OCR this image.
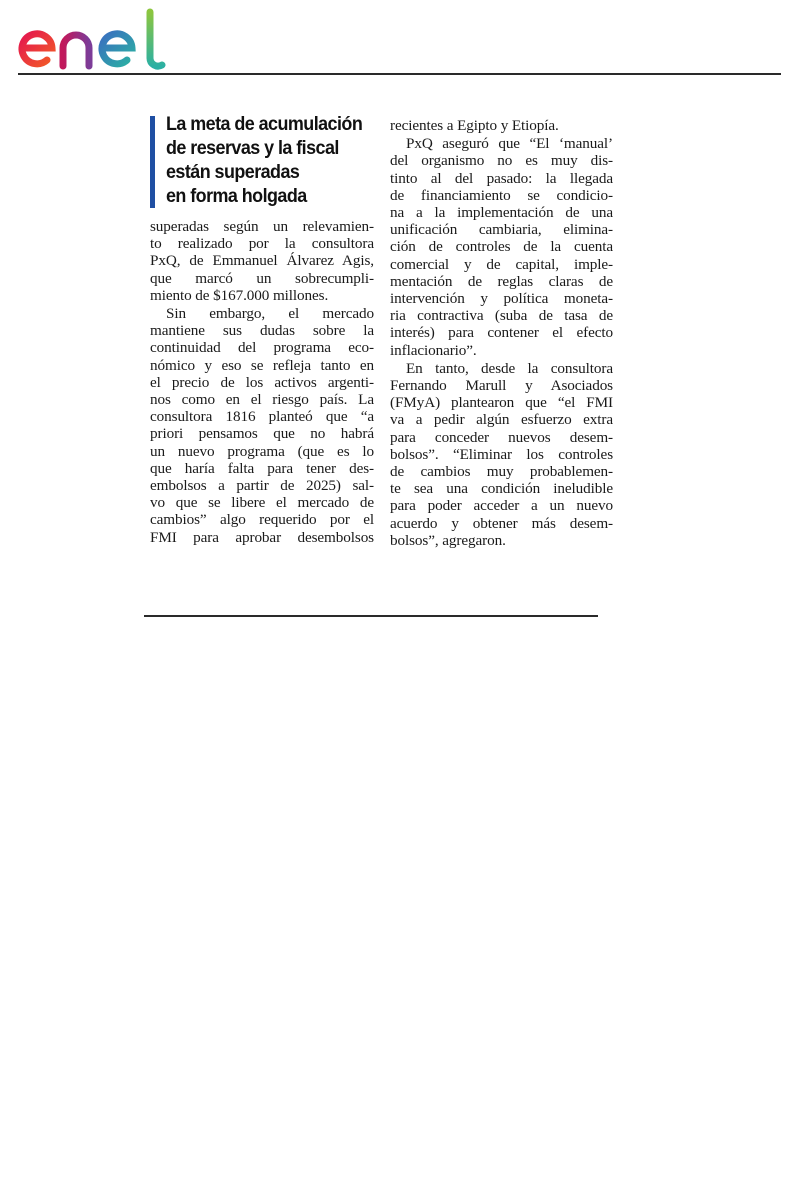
La meta de acumulación
de reservas y la fiscal
están superadas
en forma holgada
superadas según un relevamien-
to realizado por la consultora
PxQ, de Emmanuel Álvarez Agis,
que marcó un sobrecumpli-
miento de $167.000 millones.
Sin embargo, el mercado
mantiene sus dudas sobre la
continuidad del programa eco-
nómico y eso se refleja tanto en
el precio de los activos argenti-
nos como en el riesgo país. La
consultora 1816 planteó que “a
priori pensamos que no habrá
un nuevo programa (que es lo
que haría falta para tener des-
embolsos a partir de 2025) sal-
vo que se libere el mercado de
cambios” algo requerido por el
FMI para aprobar desembolsos
recientes a Egipto y Etiopía.
PxQ aseguró que “El ‘manual’
del organismo no es muy dis-
tinto al del pasado: la llegada
de financiamiento se condicio-
na a la implementación de una
unificación cambiaria, elimina-
ción de controles de la cuenta
comercial y de capital, imple-
mentación de reglas claras de
intervención y política moneta-
ria contractiva (suba de tasa de
interés) para contener el efecto
inflacionario”.
En tanto, desde la consultora
Fernando Marull y Asociados
(FMyA) plantearon que “el FMI
va a pedir algún esfuerzo extra
para conceder nuevos desem-
bolsos”. “Eliminar los controles
de cambios muy probablemen-
te sea una condición ineludible
para poder acceder a un nuevo
acuerdo y obtener más desem-
bolsos”, agregaron.
